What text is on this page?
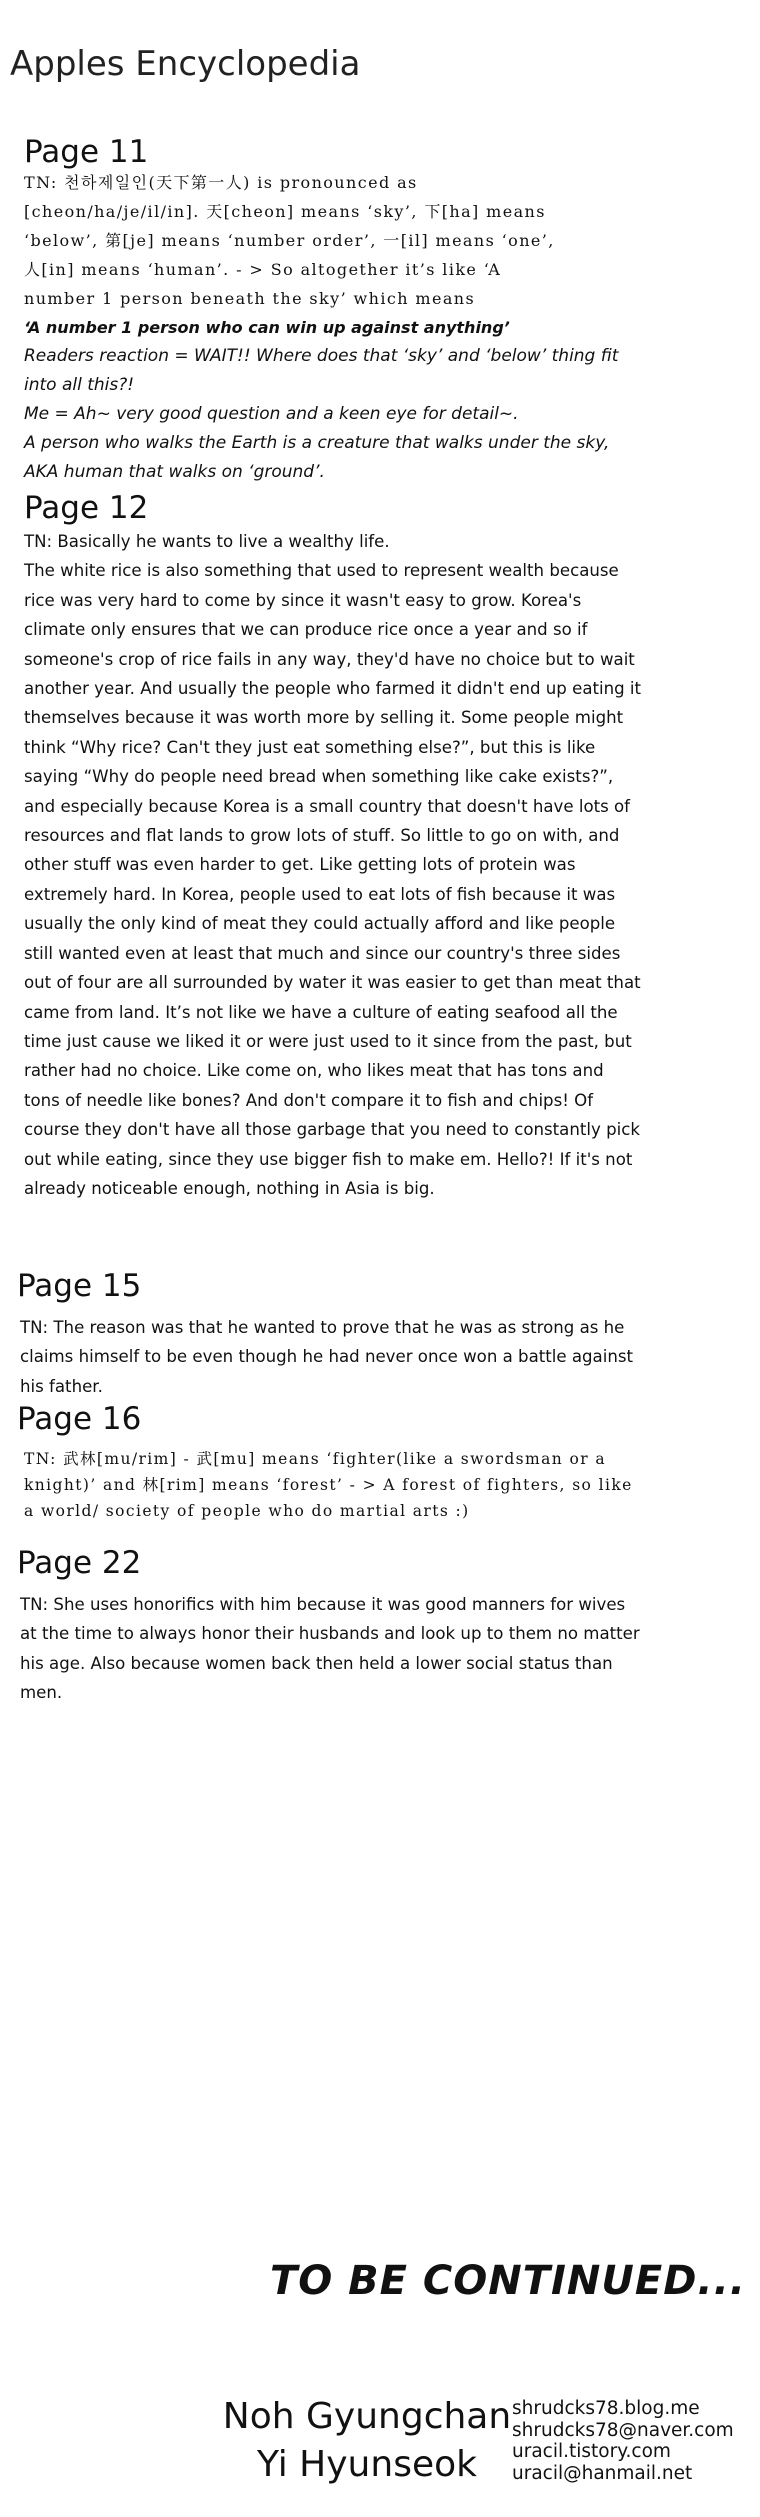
Apples Encyclopedia
Page 11
TN: 천하제일인(天下第一人) is pronounced as
[cheon/ha/je/il/in]. 天[cheon] means ‘sky’, 下[ha] means
‘below’, 第[je] means ‘number order’, 一[il] means ‘one’,
人[in] means ‘human’. - > So altogether it’s like ‘A
number 1 person beneath the sky’ which means
‘A number 1 person who can win up against anything’
Readers reaction = WAIT!! Where does that ‘sky’ and ‘below’ thing fit into all this?!
Me = Ah~ very good question and a keen eye for detail~.
A person who walks the Earth is a creature that walks under the sky, AKA human that walks on ‘ground’.
Page 12
TN: Basically he wants to live a wealthy life.
The white rice is also something that used to represent wealth because rice was very hard to come by since it wasn't easy to grow. Korea's climate only ensures that we can produce rice once a year and so if someone's crop of rice fails in any way, they'd have no choice but to wait another year. And usually the people who farmed it didn't end up eating it themselves because it was worth more by selling it. Some people might think “Why rice? Can't they just eat something else?”, but this is like saying “Why do people need bread when something like cake exists?”, and especially because Korea is a small country that doesn't have lots of resources and flat lands to grow lots of stuff. So little to go on with, and other stuff was even harder to get. Like getting lots of protein was extremely hard. In Korea, people used to eat lots of fish because it was usually the only kind of meat they could actually afford and like people still wanted even at least that much and since our country's three sides out of four are all surrounded by water it was easier to get than meat that came from land. It’s not like we have a culture of eating seafood all the time just cause we liked it or were just used to it since from the past, but rather had no choice. Like come on, who likes meat that has tons and tons of needle like bones? And don't compare it to fish and chips! Of course they don't have all those garbage that you need to constantly pick out while eating, since they use bigger fish to make em. Hello?! If it's not already noticeable enough, nothing in Asia is big.
Page 15
TN: The reason was that he wanted to prove that he was as strong as he claims himself to be even though he had never once won a battle against his father.
Page 16
TN: 武林[mu/rim] - 武[mu] means ‘fighter(like a swordsman or a knight)’ and 林[rim] means ‘forest’ - > A forest of fighters, so like a world/ society of people who do martial arts :)
Page 22
TN: She uses honorifics with him because it was good manners for wives at the time to always honor their husbands and look up to them no matter his age. Also because women back then held a lower social status than men.
TO BE CONTINUED...
Noh Gyungchan
Yi Hyunseok
shrudcks78.blog.me
shrudcks78@naver.com
uracil.tistory.com
uracil@hanmail.net
